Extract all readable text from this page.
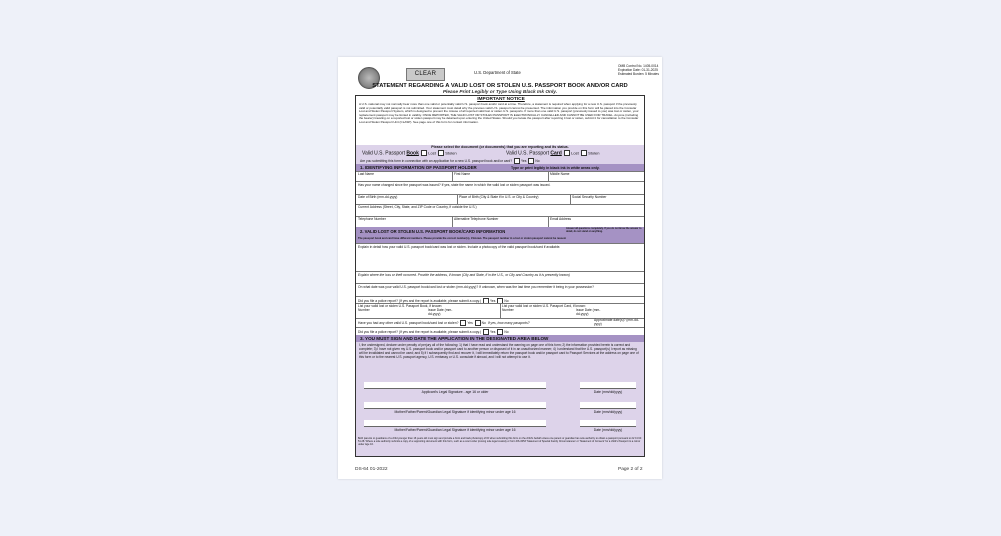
CLEAR	U.S. Department of State
OMB Control No. 1405-0014
Expiration Date: 01-31-2025
Estimated Burden: 5 Minutes
STATEMENT REGARDING A VALID LOST OR STOLEN U.S. PASSPORT BOOK AND/OR CARD
Please Print Legibly or Type Using Black Ink Only.
IMPORTANT NOTICE
A U.S. national may not normally bear more than one valid or potentially valid U.S. passport book and/or card at a time. Therefore, a statement is required when applying for a new U.S. passport if the previously valid or potentially valid passport is not submitted. Your statement must detail why the previous valid U.S. passport cannot be presented. The information you provide on this form will be placed into the Consular Lost and Stolen Passport System, which is designed to prevent the misuse of all reported valid lost or stolen U.S. passports. If more than one valid U.S. passport (previously issued to you) was lost or stolen, your replacement passport may be limited in validity. ONCE REPORTED, THE VALID LOST OR STOLEN PASSPORT IS ELECTRONICALLY CANCELLED AND CANNOT BE USED FOR TRAVEL. Anyone (including the bearer) traveling on a reported lost or stolen passport may be detained upon entering the United States. Should you locate the passport after reporting it lost or stolen, submit it for cancellation to the Consular Lost and Stolen Passport Unit (CLASP). See page one of this form for contact information.
Please select the document (or documents) that you are reporting and its status.
Valid U.S. Passport Book Lost Stolen	Valid U.S. Passport Card Lost Stolen
Are you submitting this form in connection with an application for a new U.S. passport book and/or card?	Yes	No
1. IDENTIFYING INFORMATION OF PASSPORT HOLDER	Type or print legibly in black ink in white areas only.
Last Name	First Name	Middle Name
Has your name changed since the passport was issued? If yes, state the name in which the valid lost or stolen passport was issued.
Date of Birth (mm-dd-yyyy)	Place of Birth (City & State if in U.S. or City & Country)	Social Security Number
Current Address (Street, City, State, and ZIP Code or Country, if outside the U.S.)
Telephone Number	Alternative Telephone Number	Email Address
2. VALID LOST OR STOLEN U.S. PASSPORT BOOK/CARD INFORMATION	Answer all questions completely. If you do not know the answer to detail, do not stand on anything.
The passport book and card have different numbers. Please provide the correct number(s), if known. The passport number in a lost or stolen passport cannot be reused.
Explain in detail how your valid U.S. passport book/card was lost or stolen. Include a photocopy of the valid passport book/card if available.
Explain where the loss or theft occurred. Provide the address, if known (City and State, if in the U.S., or City and Country as it is presently known)
On what date was your valid U.S. passport book/card lost or stolen (mm-dd-yyyy)? If unknown, when was the last time you remember it being in your possession?
Did you file a police report? (If yes and the report is available, please submit a copy.)	Yes	No
List your valid lost or stolen U.S. Passport Book, if known:
Number	Issue Date (mm-dd-yyyy)
List your valid lost or stolen U.S. Passport Card, if known:
Number	Issue Date (mm-dd-yyyy)
Have you had any other valid U.S. passport book/card lost or stolen?	Yes	No If yes, how many passports?
Approximate date(s)? (mm-dd-yyyy)
Did you file a police report? (If yes and the report is available, please submit a copy.)	Yes	No
3. YOU MUST SIGN AND DATE THE APPLICATION IN THE DESIGNATED AREA BELOW
I, the undersigned, declare under penalty of perjury all of the following: 1) that I have read and understand the warning on page one of this form; 2) the information provided herein is correct and complete; 3) I have not given my U.S. passport book and/or passport card to another person or disposed of it in an unauthorized manner; 4) I understand that the U.S. passport(s) I report as missing will be invalidated and cannot be used; and 5) if I subsequently find and recover it, I will immediately return the passport book and/or passport card to Passport Services at the address on page one of this form or to the nearest U.S. passport agency, U.S. embassy or U.S. consulate if abroad, and I will not attempt to use it.
Applicant's Legal Signature - age 16 or older	Date (mm/dd/yyyy)
Mother/Father/Parent/Guardian Legal Signature if identifying minor under age 16	Date (mm/dd/yyyy)
Mother/Father/Parent/Guardian Legal Signature if identifying minor under age 16	Date (mm/dd/yyyy)
Both parents or guardians of a child younger than 16 years old must sign and provide a front and back photocopy of ID when submitting this form on the child's behalf unless one parent or guardian has sole authority to obtain a passport pursuant to 22 C.F.R. 51.28. Where a sole authority submits a copy of a supporting document with this form, such as a court order proving sole legal custody or form DS-3053 'Statement of Special Family Circumstances' or 'Statement of Consent' for a child's Passport to a minor under Age 16.
DS-64 01-2022	Page 2 of 2
